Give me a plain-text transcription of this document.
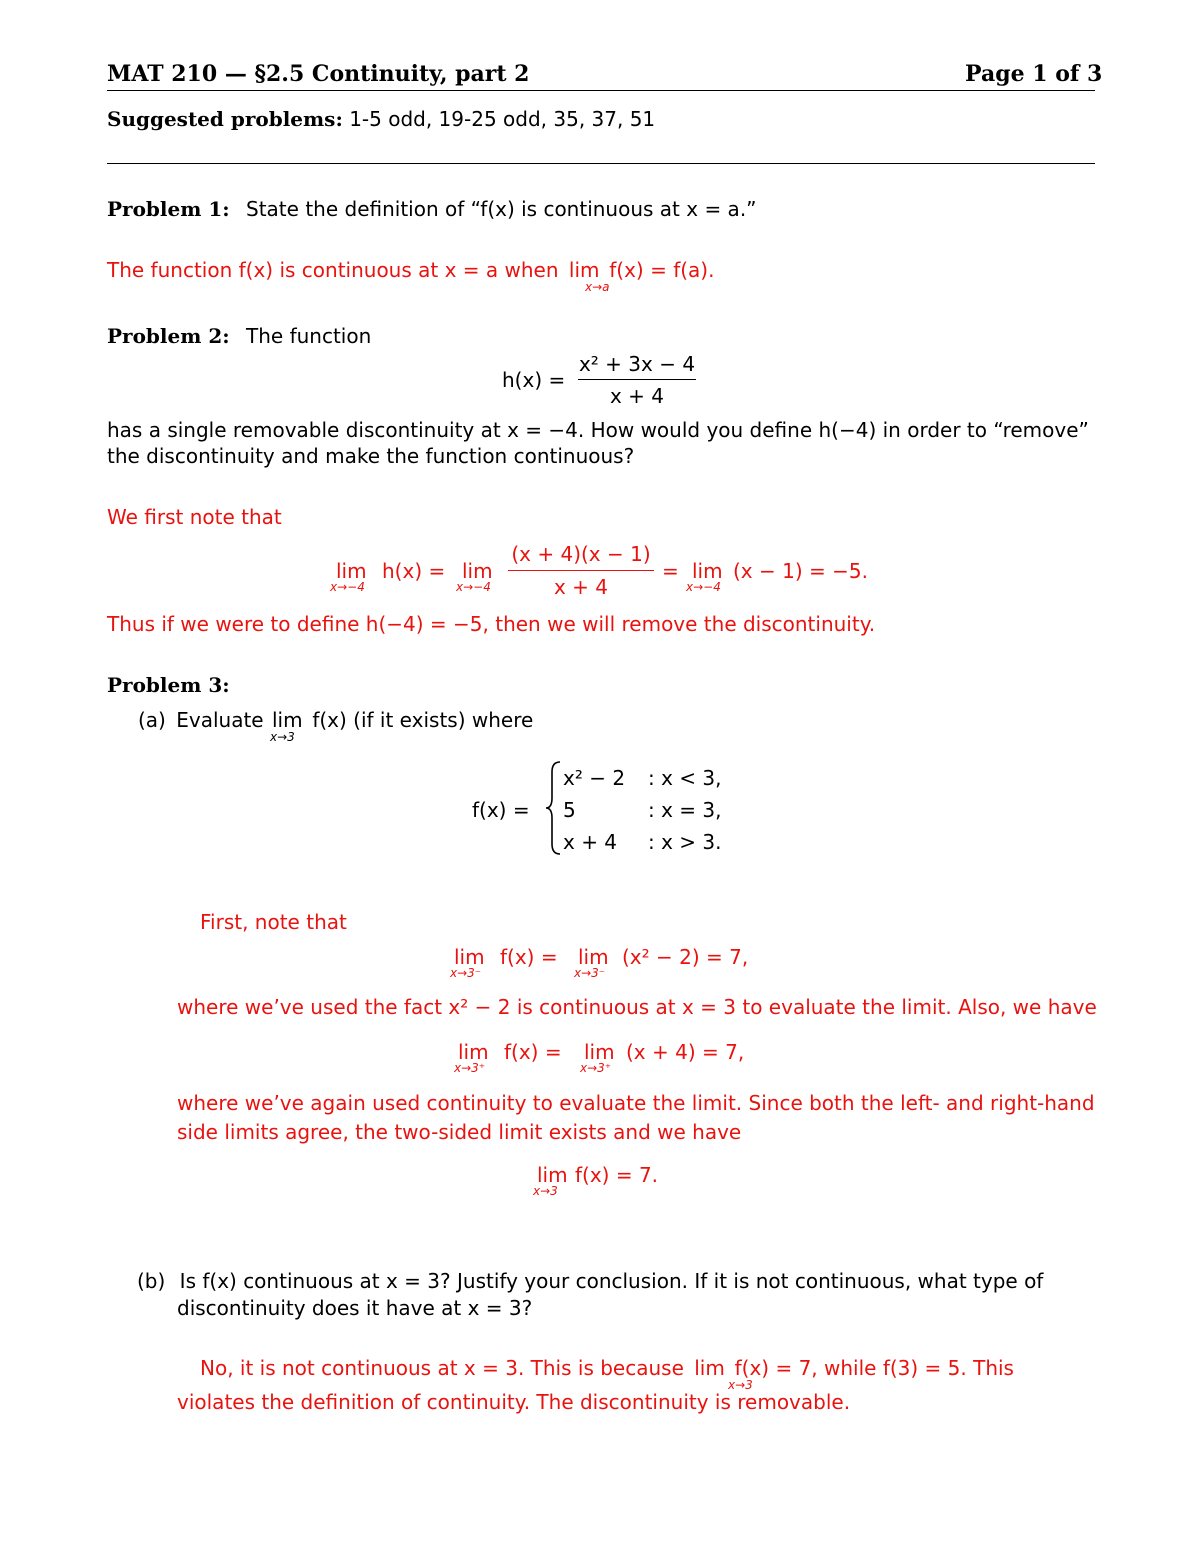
MAT 210 — §2.5 Continuity, part 2	Page 1 of 3
Suggested problems: 1-5 odd, 19-25 odd, 35, 37, 51
Problem 1: State the definition of “f(x) is continuous at x = a.”
The function f(x) is continuous at x = a when lim f(x) = f(a).
x→a
Problem 2: The function
h(x) =
x² + 3x − 4
x + 4
has a single removable discontinuity at x = −4. How would you define h(−4) in order to “remove”
the discontinuity and make the function continuous?
We first note that
lim
x→−4
h(x) = lim
x→−4
(x + 4)(x − 1)
x + 4
= lim
x→−4
(x − 1) = −5.
Thus if we were to define h(−4) = −5, then we will remove the discontinuity.
Problem 3:
(a) Evaluate lim f(x) (if it exists) where
x→3
f(x) =
x² − 2 : x < 3,
5	: x = 3,
x + 4 : x > 3.
First, note that
lim
x→3⁻
f(x) = lim
x→3⁻
(x² − 2) = 7,
where we’ve used the fact x² − 2 is continuous at x = 3 to evaluate the limit. Also, we have
lim
x→3⁺
f(x) = lim
x→3⁺
(x + 4) = 7,
where we’ve again used continuity to evaluate the limit. Since both the left- and right-hand
side limits agree, the two-sided limit exists and we have
lim
x→3
f(x) = 7.
(b) Is f(x) continuous at x = 3? Justify your conclusion. If it is not continuous, what type of
discontinuity does it have at x = 3?
No, it is not continuous at x = 3. This is because lim f(x) = 7, while f(3) = 5. This
x→3
violates the definition of continuity. The discontinuity is removable.
